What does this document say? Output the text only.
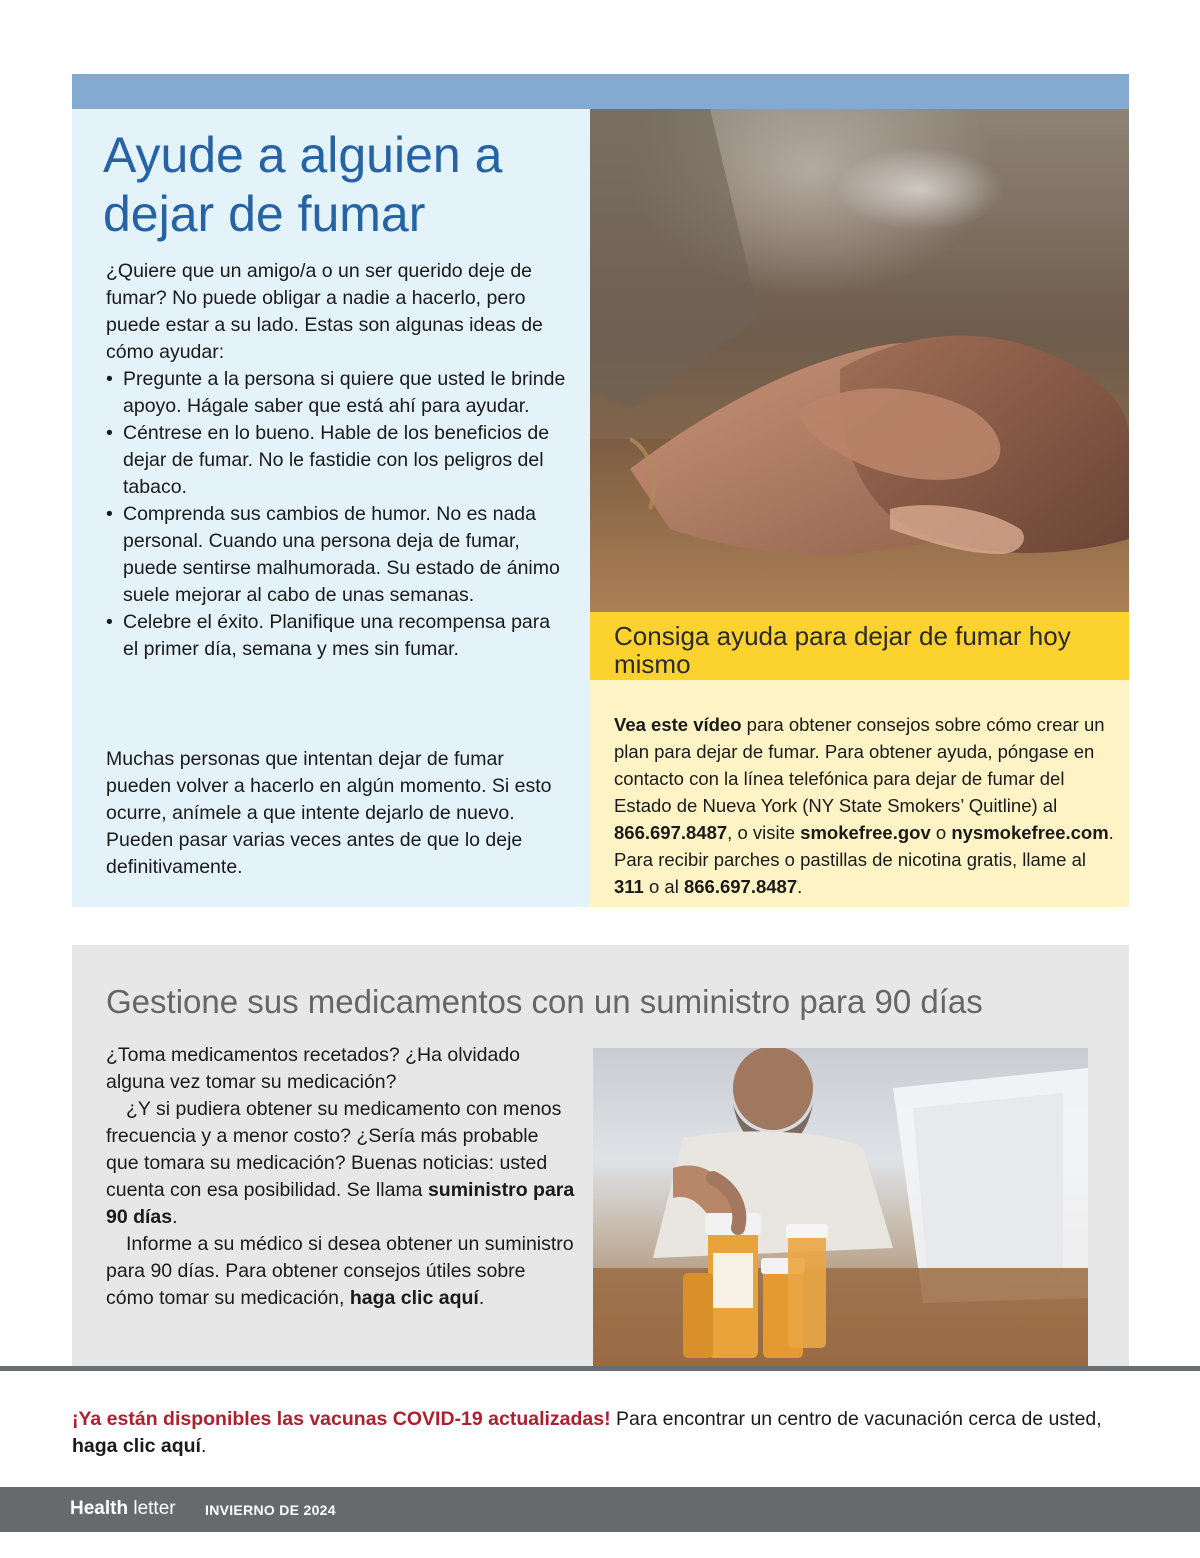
Ayude a alguien a dejar de fumar

¿Quiere que un amigo/a o un ser querido deje de fumar? No puede obligar a nadie a hacerlo, pero puede estar a su lado. Estas son algunas ideas de cómo ayudar:

• Pregunte a la persona si quiere que usted le brinde apoyo. Hágale saber que está ahí para ayudar.
• Céntrese en lo bueno. Hable de los beneficios de dejar de fumar. No le fastidie con los peligros del tabaco.
• Comprenda sus cambios de humor. No es nada personal. Cuando una persona deja de fumar, puede sentirse malhumorada. Su estado de ánimo suele mejorar al cabo de unas semanas.
• Celebre el éxito. Planifique una recompensa para el primer día, semana y mes sin fumar.

Muchas personas que intentan dejar de fumar pueden volver a hacerlo en algún momento. Si esto ocurre, anímele a que intente dejarlo de nuevo. Pueden pasar varias veces antes de que lo deje definitivamente.

Consiga ayuda para dejar de fumar hoy mismo

Vea este vídeo para obtener consejos sobre cómo crear un plan para dejar de fumar. Para obtener ayuda, póngase en contacto con la línea telefónica para dejar de fumar del Estado de Nueva York (NY State Smokers’ Quitline) al 866.697.8487, o visite smokefree.gov o nysmokefree.com. Para recibir parches o pastillas de nicotina gratis, llame al 311 o al 866.697.8487.

Gestione sus medicamentos con un suministro para 90 días
¿Toma medicamentos recetados? ¿Ha olvidado alguna vez tomar su medicación?
¿Y si pudiera obtener su medicamento con menos frecuencia y a menor costo? ¿Sería más probable que tomara su medicación? Buenas noticias: usted cuenta con esa posibilidad. Se llama suministro para 90 días.
Informe a su médico si desea obtener un suministro para 90 días. Para obtener consejos útiles sobre cómo tomar su medicación, haga clic aquí.

¡Ya están disponibles las vacunas COVID-19 actualizadas! Para encontrar un centro de vacunación cerca de usted, haga clic aquí.

Health letter INVIERNO DE 2024
